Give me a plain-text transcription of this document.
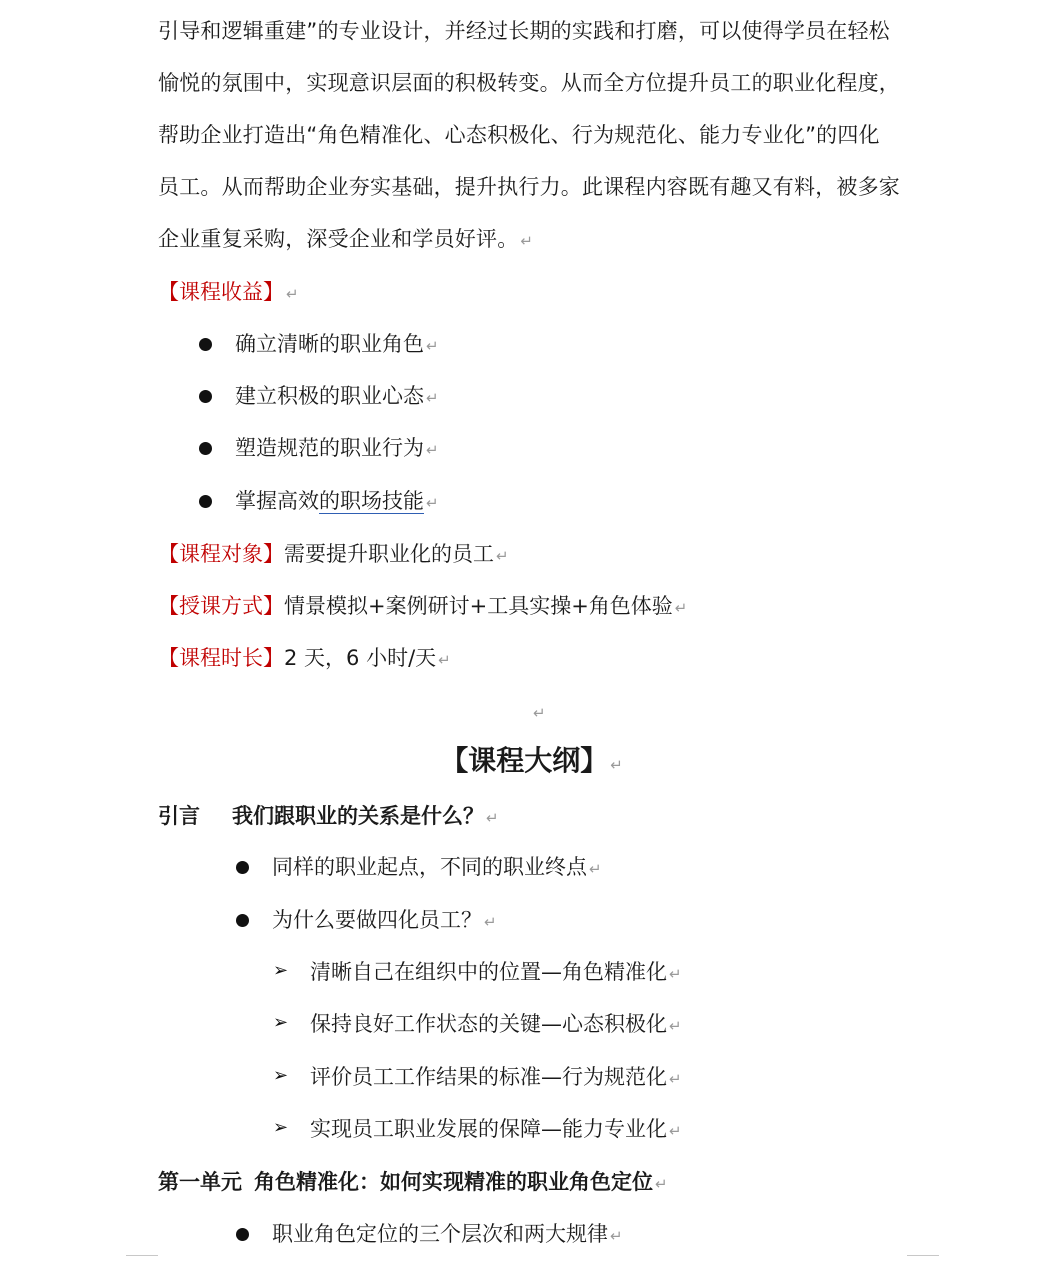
引导和逻辑重建”的专业设计，并经过长期的实践和打磨，可以使得学员在轻松
愉悦的氛围中，实现意识层面的积极转变。从而全方位提升员工的职业化程度，
帮助企业打造出“角色精准化、心态积极化、行为规范化、能力专业化”的四化
员工。从而帮助企业夯实基础，提升执行力。此课程内容既有趣又有料，被多家
企业重复采购，深受企业和学员好评。 ↵
【课程收益】 ↵
确立清晰的职业角色 ↵
建立积极的职业心态 ↵
塑造规范的职业行为 ↵
掌握高效的职场技能 ↵
【课程对象】需要提升职业化的员工 ↵
【授课方式】情景模拟+案例研讨+工具实操+角色体验 ↵
【课程时长】2 天，6 小时/天 ↵
↵
【课程大纲】 ↵
引言 我们跟职业的关系是什么？ ↵
同样的职业起点，不同的职业终点 ↵
为什么要做四化员工？ ↵
➢ 清晰自己在组织中的位置—角色精准化 ↵
➢ 保持良好工作状态的关键—心态积极化 ↵
➢ 评价员工工作结果的标准—行为规范化 ↵
➢ 实现员工职业发展的保障—能力专业化 ↵
第一单元 角色精准化：如何实现精准的职业角色定位 ↵
职业角色定位的三个层次和两大规律 ↵
